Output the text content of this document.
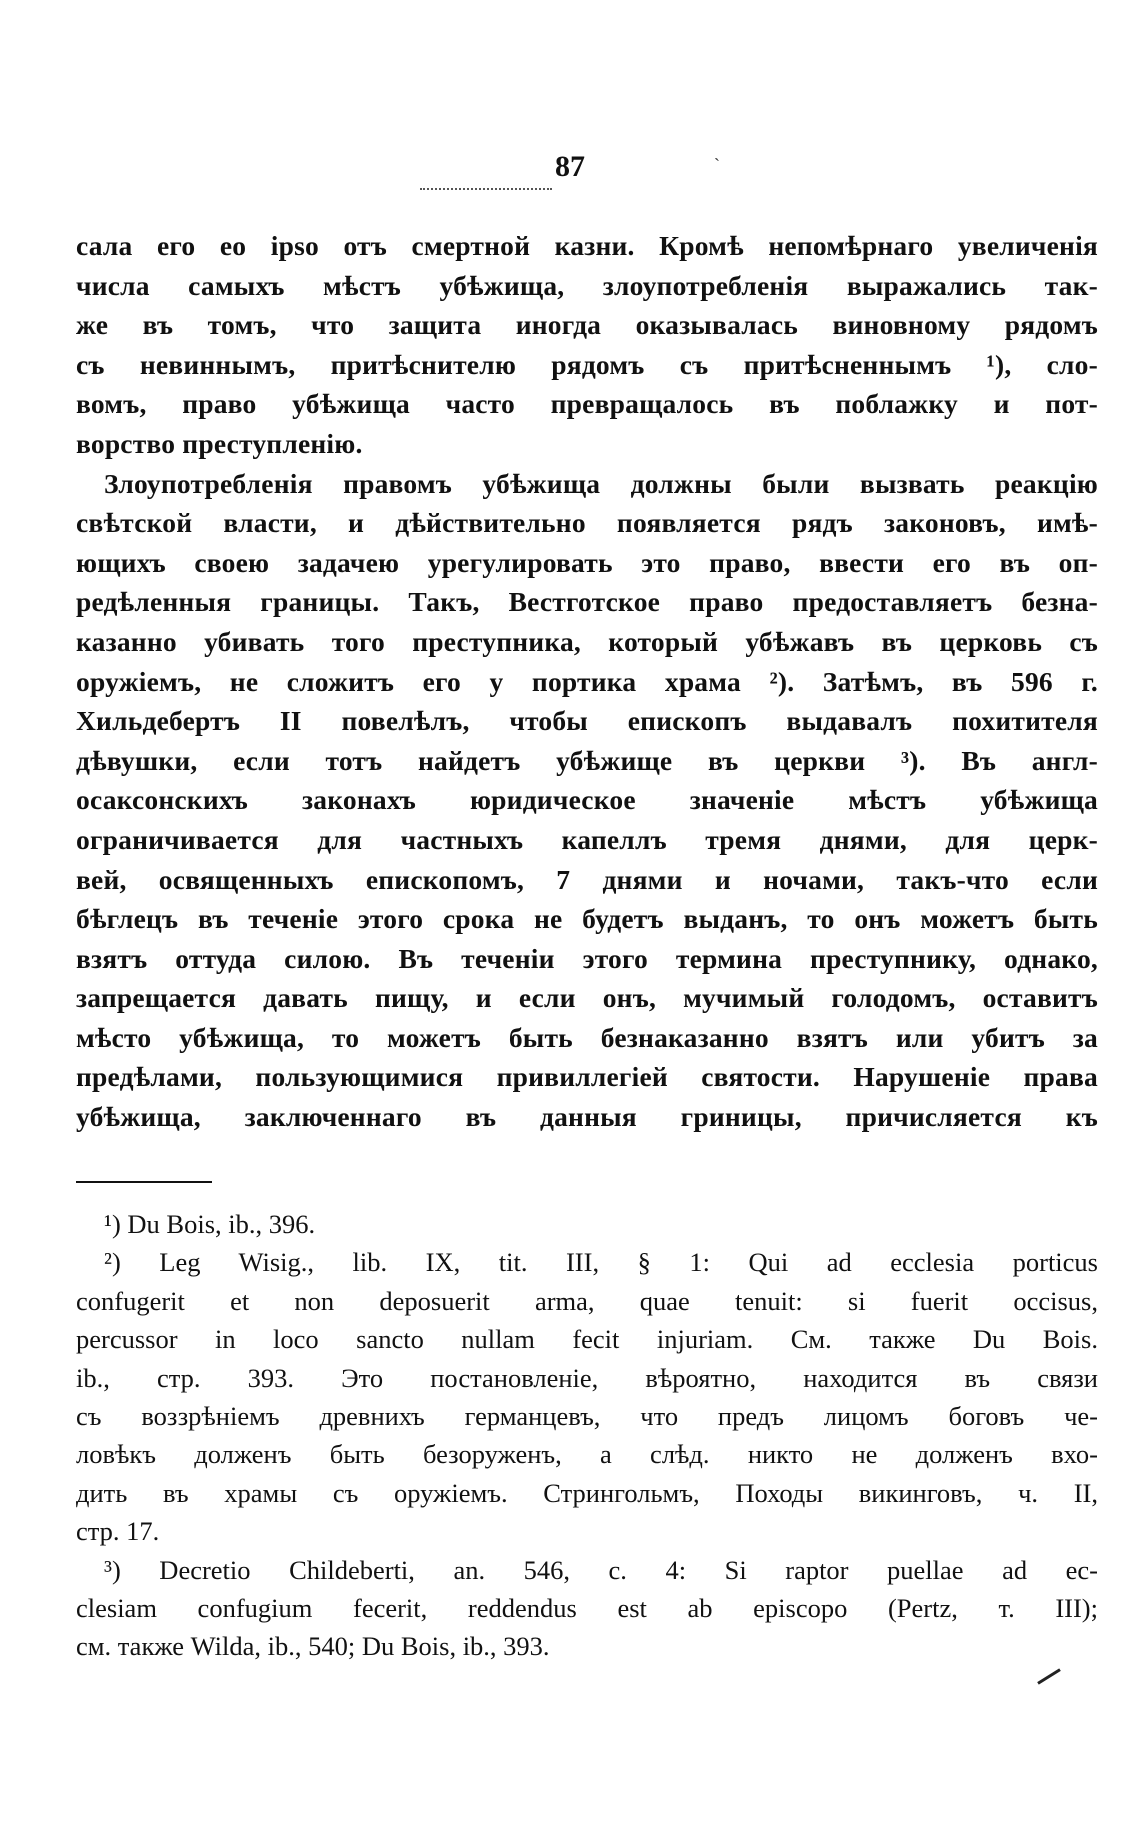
87	`
сала его eo ipso отъ смертной казни. Кромѣ непомѣрнаго увеличенія
числа самыхъ мѣстъ убѣжища, злоупотребленія выражались так-
же въ томъ, что защита иногда оказывалась виновному рядомъ
съ невиннымъ, притѣснителю рядомъ съ притѣсненнымъ ¹), сло-
вомъ, право убѣжища часто превращалось въ поблажку и пот-
ворство преступленію.
Злоупотребленія правомъ убѣжища должны были вызвать реакцію
свѣтской власти, и дѣйствительно появляется рядъ законовъ, имѣ-
ющихъ своею задачею урегулировать это право, ввести его въ оп-
редѣленныя границы. Такъ, Вестготское право предоставляетъ безна-
казанно убивать того преступника, который убѣжавъ въ церковь съ
оружіемъ, не сложитъ его у портика храма ²). Затѣмъ, въ 596 г.
Хильдебертъ II повелѣлъ, чтобы епископъ выдавалъ похитителя
дѣвушки, если тотъ найдетъ убѣжище въ церкви ³). Въ англ-
осаксонскихъ законахъ юридическое значеніе мѣстъ убѣжища
ограничивается для частныхъ капеллъ тремя днями, для церк-
вей, освященныхъ епископомъ, 7 днями и ночами, такъ-что если
бѣглецъ въ теченіе этого срока не будетъ выданъ, то онъ можетъ быть
взятъ оттуда силою. Въ теченіи этого термина преступнику, однако,
запрещается давать пищу, и если онъ, мучимый голодомъ, оставитъ
мѣсто убѣжища, то можетъ быть безнаказанно взятъ или убитъ за
предѣлами, пользующимися привиллегіей святости. Нарушеніе права
убѣжища, заключеннаго въ данныя гриницы, причисляется къ
¹) Du Bois, ib., 396.
²) Leg Wisig., lib. IX, tit. III, § 1: Qui ad ecclesia porticus
confugerit et non deposuerit arma, quae tenuit: si fuerit occisus,
percussor in loco sancto nullam fecit injuriam. См. также Du Bois.
ib., стр. 393. Это постановленіе, вѣроятно, находится въ связи
съ воззрѣніемъ древнихъ германцевъ, что предъ лицомъ боговъ че-
ловѣкъ долженъ быть безоруженъ, а слѣд. никто не долженъ вхо-
дить въ храмы съ оружіемъ. Стрингольмъ, Походы викинговъ, ч. II,
стр. 17.
³) Decretio Childeberti, an. 546, c. 4: Si raptor puellae ad ec-
clesiam confugium fecerit, reddendus est ab episcopo (Pertz, т. III);
см. также Wilda, ib., 540; Du Bois, ib., 393.
